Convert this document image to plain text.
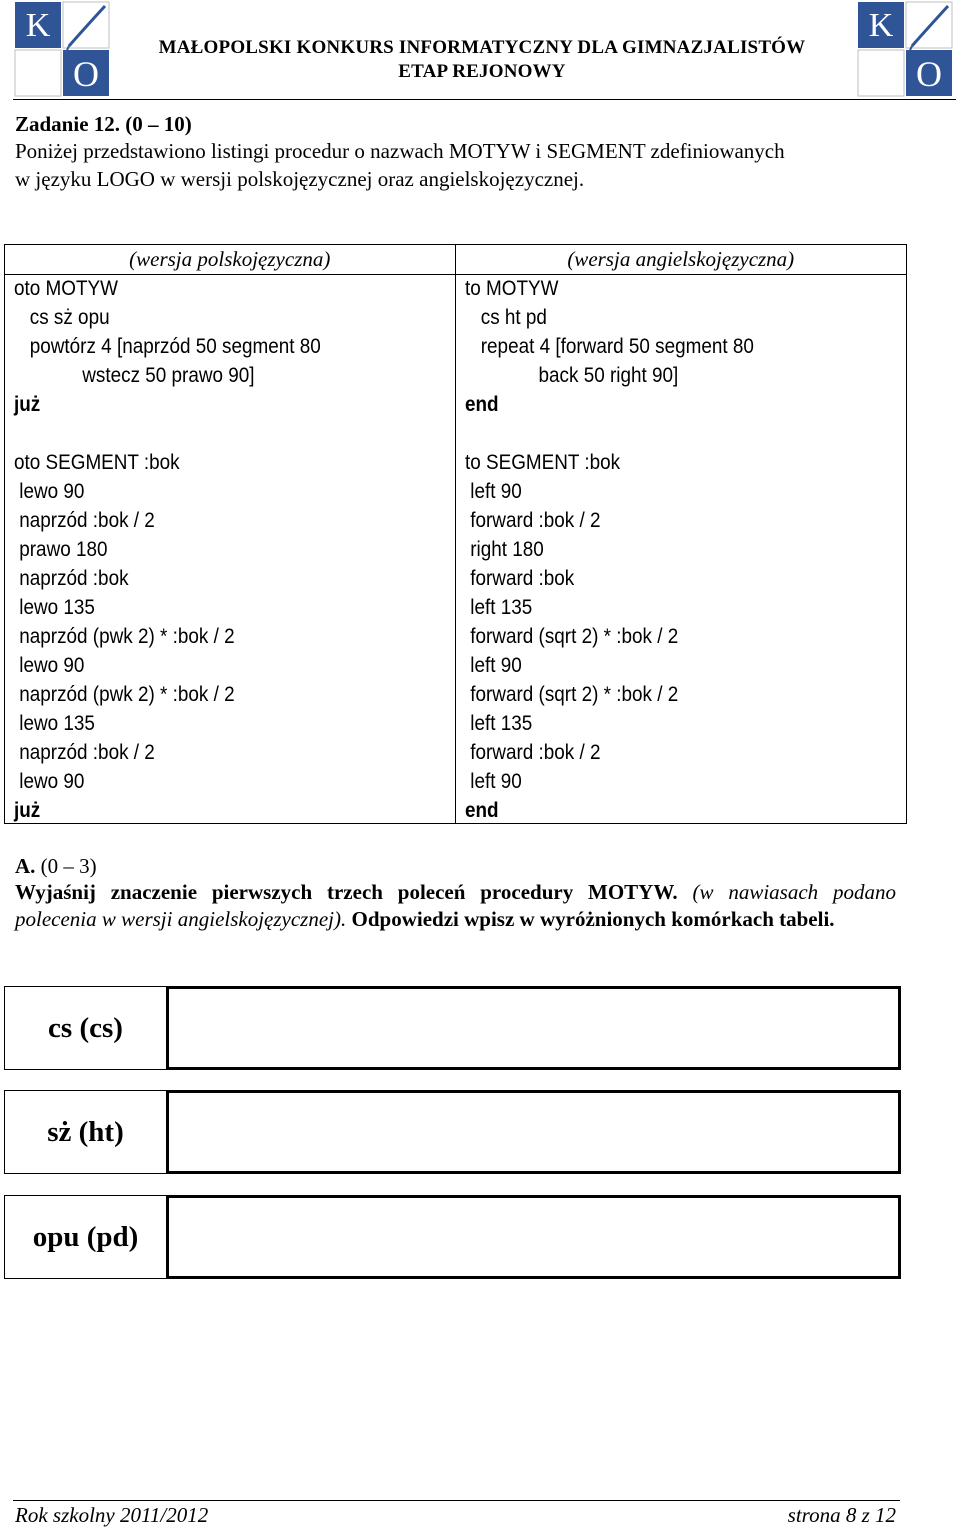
K
O
K
O
MAŁOPOLSKI KONKURS INFORMATYCZNY DLA GIMNAZJALISTÓW
ETAP REJONOWY
Zadanie 12. (0 – 10)

Poniżej przedstawiono listingi procedur o nazwach MOTYW i SEGMENT zdefiniowanych

w języku LOGO w wersji polskojęzycznej oraz angielskojęzycznej.

(wersja polskojęzyczna)
oto MOTYW
cs sż opu
powtórz 4 [naprzód 50 segment 80
wstecz 50 prawo 90]
już
oto SEGMENT :bok
lewo 90
naprzód :bok / 2
prawo 180
naprzód :bok
lewo 135
naprzód (pwk 2) * :bok / 2
lewo 90
naprzód (pwk 2) * :bok / 2
lewo 135
naprzód :bok / 2
lewo 90
już
(wersja angielskojęzyczna)
to MOTYW
cs ht pd
repeat 4 [forward 50 segment 80
back 50 right 90]
end
to SEGMENT :bok
left 90
forward :bok / 2
right 180
forward :bok
left 135
forward (sqrt 2) * :bok / 2
left 90
forward (sqrt 2) * :bok / 2
left 135
forward :bok / 2
left 90
end
A. (0 – 3)
Wyjaśnij znaczenie pierwszych trzech poleceń procedury MOTYW. (w nawiasach podano polecenia w wersji angielskojęzycznej). Odpowiedzi wpisz w wyróżnionych komórkach tabeli.
cs (cs)
sż (ht)
opu (pd)
Rok szkolny 2011/2012	strona 8 z 12
